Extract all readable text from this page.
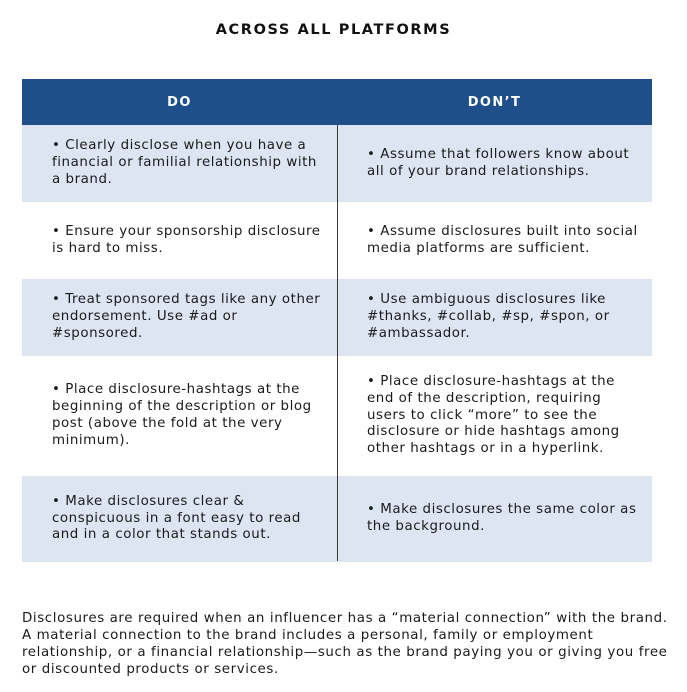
ACROSS ALL PLATFORMS
DO	DON’T
• Clearly disclose when you have a financial or familial relationship with a brand.
• Assume that followers know about all of your brand relationships.
• Ensure your sponsorship disclosure is hard to miss.
• Assume disclosures built into social media platforms are sufficient.
• Treat sponsored tags like any other endorsement. Use #ad or #sponsored.
• Use ambiguous disclosures like #thanks, #collab, #sp, #spon, or #ambassador.
• Place disclosure-hashtags at the beginning of the description or blog post (above the fold at the very minimum).
• Place disclosure-hashtags at the end of the description, requiring users to click “more” to see the disclosure or hide hashtags among other hashtags or in a hyperlink.
• Make disclosures clear & conspicuous in a font easy to read and in a color that stands out.
• Make disclosures the same color as the background.
Disclosures are required when an influencer has a “material connection” with the brand. A material connection to the brand includes a personal, family or employment relationship, or a financial relationship—such as the brand paying you or giving you free or discounted products or services.
